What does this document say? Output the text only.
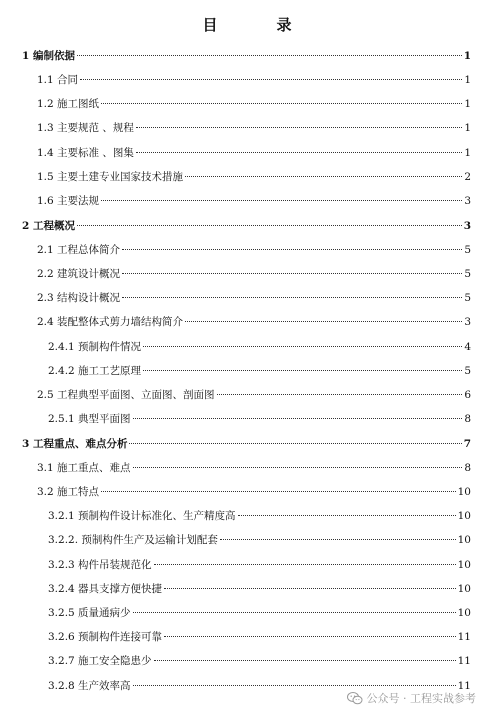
目　录
1 编制依据	1
1.1 合同	1
1.2 施工图纸	1
1.3 主要规范 、规程	1
1.4 主要标准 、图集	1
1.5 主要土建专业国家技术措施	2
1.6 主要法规	3
2 工程概况	3
2.1 工程总体简介	5
2.2 建筑设计概况	5
2.3 结构设计概况	5
2.4 装配整体式剪力墙结构简介	3
2.4.1 预制构件情况	4
2.4.2 施工工艺原理	5
2.5 工程典型平面图、立面图、剖面图	6
2.5.1 典型平面图	8
3 工程重点、难点分析	7
3.1 施工重点、难点	8
3.2 施工特点	10
3.2.1 预制构件设计标准化、生产精度高	10
3.2.2. 预制构件生产及运输计划配套	10
3.2.3 构件吊装规范化	10
3.2.4 器具支撑方便快捷	10
3.2.5 质量通病少	10
3.2.6 预制构件连接可靠	11
3.2.7 施工安全隐患少	11
3.2.8 生产效率高	11
公众号 · 工程实战参考
